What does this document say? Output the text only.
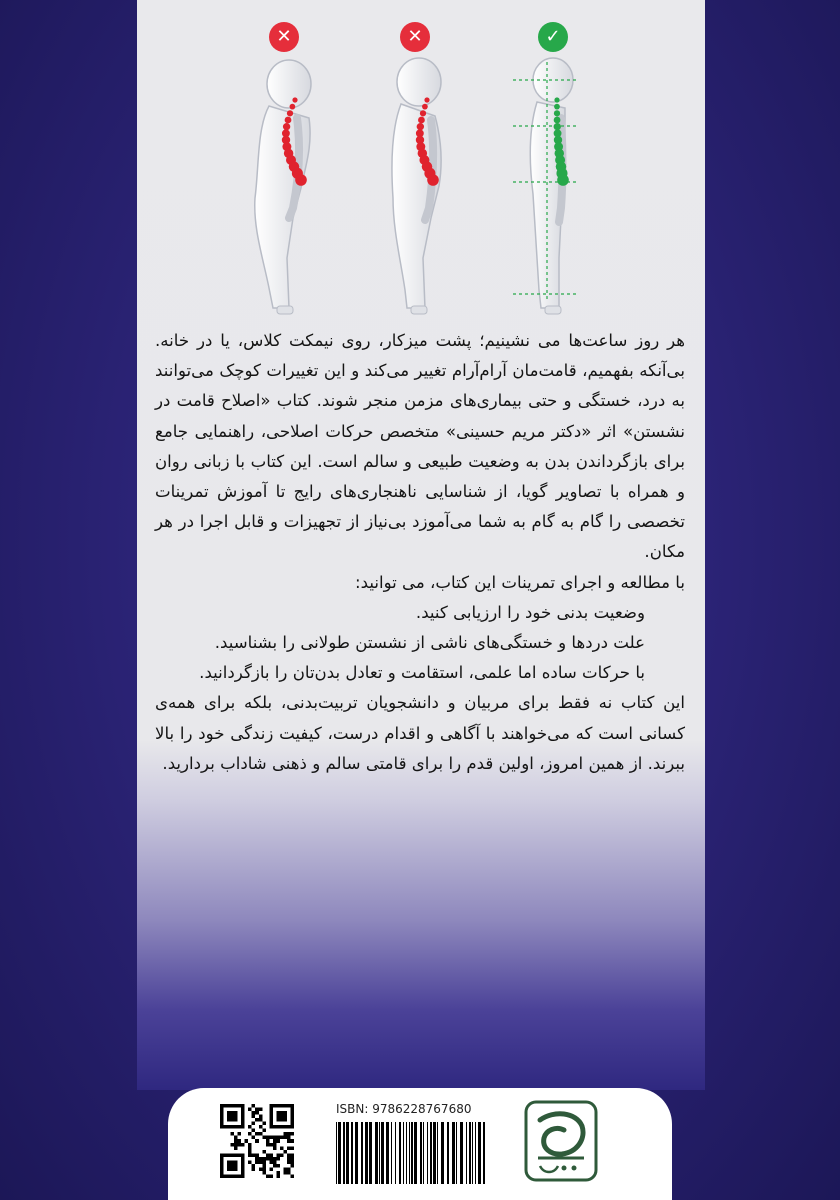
✕	✕	✓

هر روز ساعت‌ها می نشینیم؛ پشت میزکار، روی نیمکت کلاس، یا در خانه. بی‌آنکه بفهمیم، قامت‌مان آرام‌آرام تغییر می‌کند و این تغییرات کوچک می‌توانند به درد، خستگی و حتی بیماری‌های مزمن منجر شوند. کتاب «اصلاح قامت در نشستن» اثر «دکتر مریم حسینی» متخصص حرکات اصلاحی، راهنمایی جامع برای بازگرداندن بدن به وضعیت طبیعی و سالم است. این کتاب با زبانی روان و همراه با تصاویر گویا، از شناسایی ناهنجاری‌های رایج تا آموزش تمرینات تخصصی را گام به گام به شما می‌آموزد بی‌نیاز از تجهیزات و قابل اجرا در هر مکان.

با مطالعه و اجرای تمرینات این کتاب، می توانید:

وضعیت بدنی خود را ارزیابی کنید.

علت دردها و خستگی‌های ناشی از نشستن طولانی را بشناسید.

با حرکات ساده اما علمی، استقامت و تعادل بدن‌تان را بازگردانید.

این کتاب نه فقط برای مربیان و دانشجویان تربیت‌بدنی، بلکه برای همه‌ی کسانی است که می‌خواهند با آگاهی و اقدام درست، کیفیت زندگی خود را بالا ببرند. از همین امروز، اولین قدم را برای قامتی سالم و ذهنی شاداب بردارید.

ISBN: 9786228767680
